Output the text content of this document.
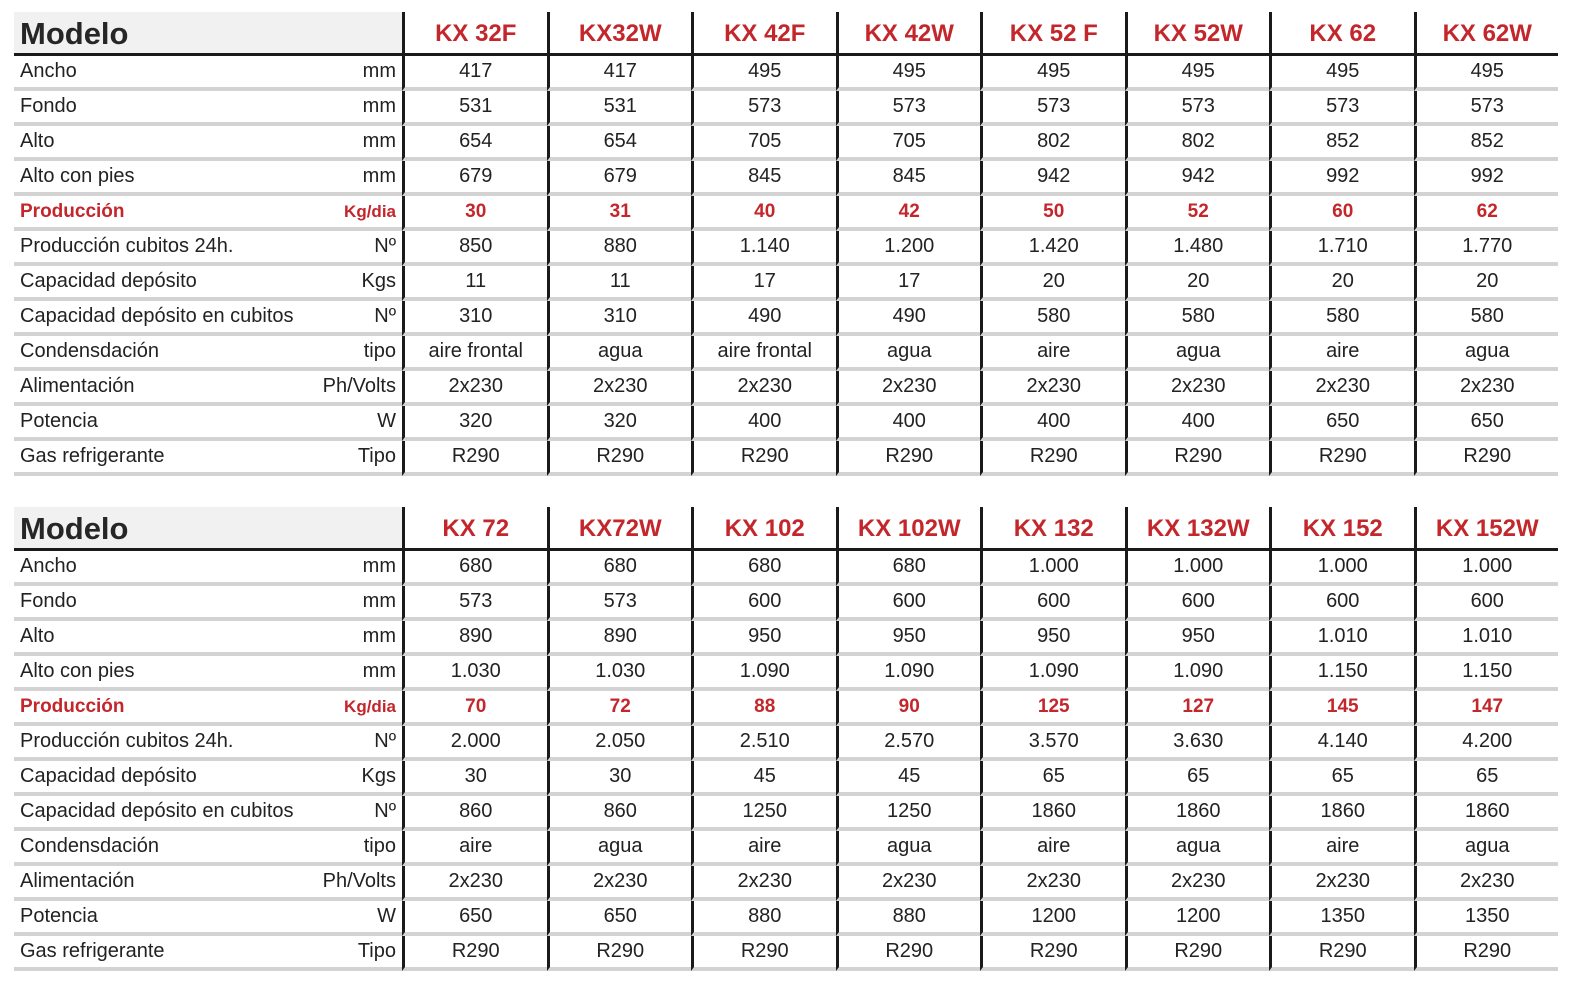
Modelo	KX 32F	KX32W	KX 42F	KX 42W	KX 52 F	KX 52W	KX 62	KX 62W

Ancho mm	417	417	495	495	495	495	495	495

Fondo mm	531	531	573	573	573	573	573	573

Alto mm	654	654	705	705	802	802	852	852

Alto con pies mm	679	679	845	845	942	942	992	992

Producción Kg/dia	30	31	40	42	50	52	60	62

Producción cubitos 24h. Nº	850	880	1.140	1.200	1.420	1.480	1.710	1.770

Capacidad depósito Kgs	11	11	17	17	20	20	20	20

Capacidad depósito en cubitos Nº	310	310	490	490	580	580	580	580

Condensdación tipo	aire frontal	agua	aire frontal	agua	aire	agua	aire	agua

Alimentación Ph/Volts	2x230	2x230	2x230	2x230	2x230	2x230	2x230	2x230

Potencia W	320	320	400	400	400	400	650	650

Gas refrigerante Tipo	R290	R290	R290	R290	R290	R290	R290	R290
Modelo	KX 72	KX72W	KX 102	KX 102W	KX 132	KX 132W	KX 152	KX 152W

Ancho mm	680	680	680	680	1.000	1.000	1.000	1.000

Fondo mm	573	573	600	600	600	600	600	600

Alto mm	890	890	950	950	950	950	1.010	1.010

Alto con pies mm	1.030	1.030	1.090	1.090	1.090	1.090	1.150	1.150

Producción Kg/dia	70	72	88	90	125	127	145	147

Producción cubitos 24h. Nº	2.000	2.050	2.510	2.570	3.570	3.630	4.140	4.200

Capacidad depósito Kgs	30	30	45	45	65	65	65	65

Capacidad depósito en cubitos Nº	860	860	1250	1250	1860	1860	1860	1860

Condensdación tipo	aire	agua	aire	agua	aire	agua	aire	agua

Alimentación Ph/Volts	2x230	2x230	2x230	2x230	2x230	2x230	2x230	2x230

Potencia W	650	650	880	880	1200	1200	1350	1350

Gas refrigerante Tipo	R290	R290	R290	R290	R290	R290	R290	R290
